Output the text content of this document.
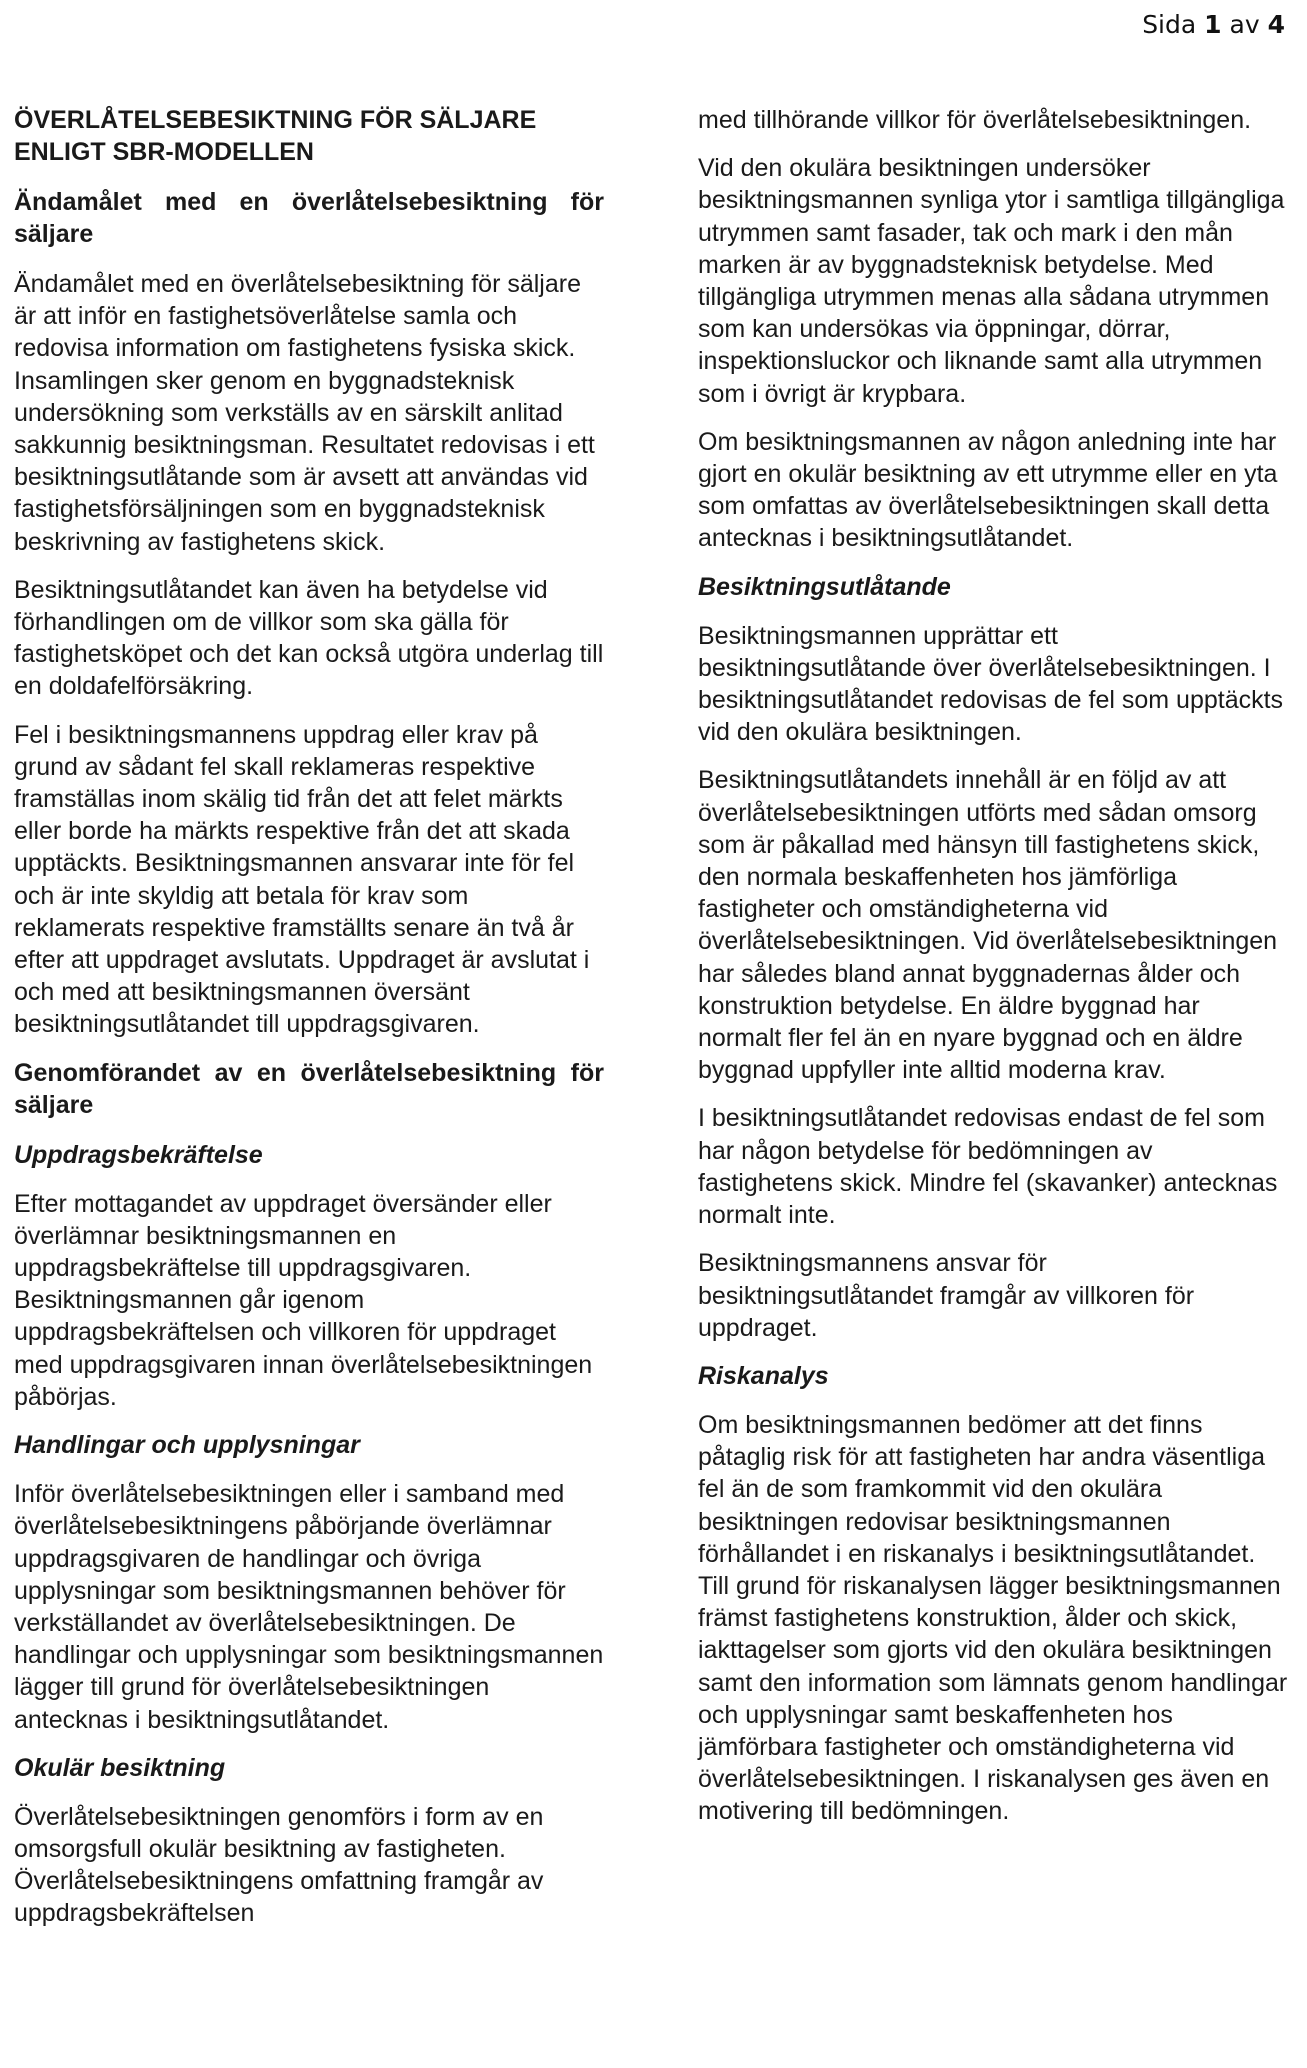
Sida 1 av 4
ÖVERLÅTELSEBESIKTNING FÖR SÄLJARE ENLIGT SBR-MODELLEN
Ändamålet med en överlåtelsebesiktning för säljare

Ändamålet med en överlåtelsebesiktning för säljare är att inför en fastighetsöverlåtelse samla och redovisa information om fastighetens fysiska skick. Insamlingen sker genom en byggnadsteknisk undersökning som verkställs av en särskilt anlitad sakkunnig besiktningsman. Resultatet redovisas i ett besiktningsutlåtande som är avsett att användas vid fastighetsförsäljningen som en byggnadsteknisk beskrivning av fastighetens skick.

Besiktningsutlåtandet kan även ha betydelse vid förhandlingen om de villkor som ska gälla för fastighetsköpet och det kan också utgöra underlag till en doldafelförsäkring.

Fel i besiktningsmannens uppdrag eller krav på grund av sådant fel skall reklameras respektive framställas inom skälig tid från det att felet märkts eller borde ha märkts respektive från det att skada upptäckts. Besiktningsmannen ansvarar inte för fel och är inte skyldig att betala för krav som reklamerats respektive framställts senare än två år efter att uppdraget avslutats. Uppdraget är avslutat i och med att besiktningsmannen översänt besiktningsutlåtandet till uppdragsgivaren.

Genomförandet av en överlåtelsebesiktning för säljare
Uppdragsbekräftelse

Efter mottagandet av uppdraget översänder eller överlämnar besiktningsmannen en uppdragsbekräftelse till uppdragsgivaren. Besiktningsmannen går igenom uppdragsbekräftelsen och villkoren för uppdraget med uppdragsgivaren innan överlåtelsebesiktningen påbörjas.

Handlingar och upplysningar

Inför överlåtelsebesiktningen eller i samband med överlåtelsebesiktningens påbörjande överlämnar uppdragsgivaren de handlingar och övriga upplysningar som besiktningsmannen behöver för verkställandet av överlåtelsebesiktningen. De handlingar och upplysningar som besiktningsmannen lägger till grund för överlåtelsebesiktningen antecknas i besiktningsutlåtandet.

Okulär besiktning

Överlåtelsebesiktningen genomförs i form av en omsorgsfull okulär besiktning av fastigheten. Överlåtelsebesiktningens omfattning framgår av uppdragsbekräftelsen

med tillhörande villkor för överlåtelsebesiktningen.

Vid den okulära besiktningen undersöker besiktningsmannen synliga ytor i samtliga tillgängliga utrymmen samt fasader, tak och mark i den mån marken är av byggnadsteknisk betydelse. Med tillgängliga utrymmen menas alla sådana utrymmen som kan undersökas via öppningar, dörrar, inspektionsluckor och liknande samt alla utrymmen som i övrigt är krypbara.

Om besiktningsmannen av någon anledning inte har gjort en okulär besiktning av ett utrymme eller en yta som omfattas av överlåtelsebesiktningen skall detta antecknas i besiktningsutlåtandet.

Besiktningsutlåtande

Besiktningsmannen upprättar ett besiktningsutlåtande över överlåtelsebesiktningen. I besiktningsutlåtandet redovisas de fel som upptäckts vid den okulära besiktningen.

Besiktningsutlåtandets innehåll är en följd av att överlåtelsebesiktningen utförts med sådan omsorg som är påkallad med hänsyn till fastighetens skick, den normala beskaffenheten hos jämförliga fastigheter och omständigheterna vid överlåtelsebesiktningen. Vid överlåtelsebesiktningen har således bland annat byggnadernas ålder och konstruktion betydelse. En äldre byggnad har normalt fler fel än en nyare byggnad och en äldre byggnad uppfyller inte alltid moderna krav.

I besiktningsutlåtandet redovisas endast de fel som har någon betydelse för bedömningen av fastighetens skick. Mindre fel (skavanker) antecknas normalt inte.

Besiktningsmannens ansvar för besiktningsutlåtandet framgår av villkoren för uppdraget.

Riskanalys

Om besiktningsmannen bedömer att det finns påtaglig risk för att fastigheten har andra väsentliga fel än de som framkommit vid den okulära besiktningen redovisar besiktningsmannen förhållandet i en riskanalys i besiktningsutlåtandet. Till grund för riskanalysen lägger besiktningsmannen främst fastighetens konstruktion, ålder och skick, iakttagelser som gjorts vid den okulära besiktningen samt den information som lämnats genom handlingar och upplysningar samt beskaffenheten hos jämförbara fastigheter och omständigheterna vid överlåtelsebesiktningen. I riskanalysen ges även en motivering till bedömningen.
